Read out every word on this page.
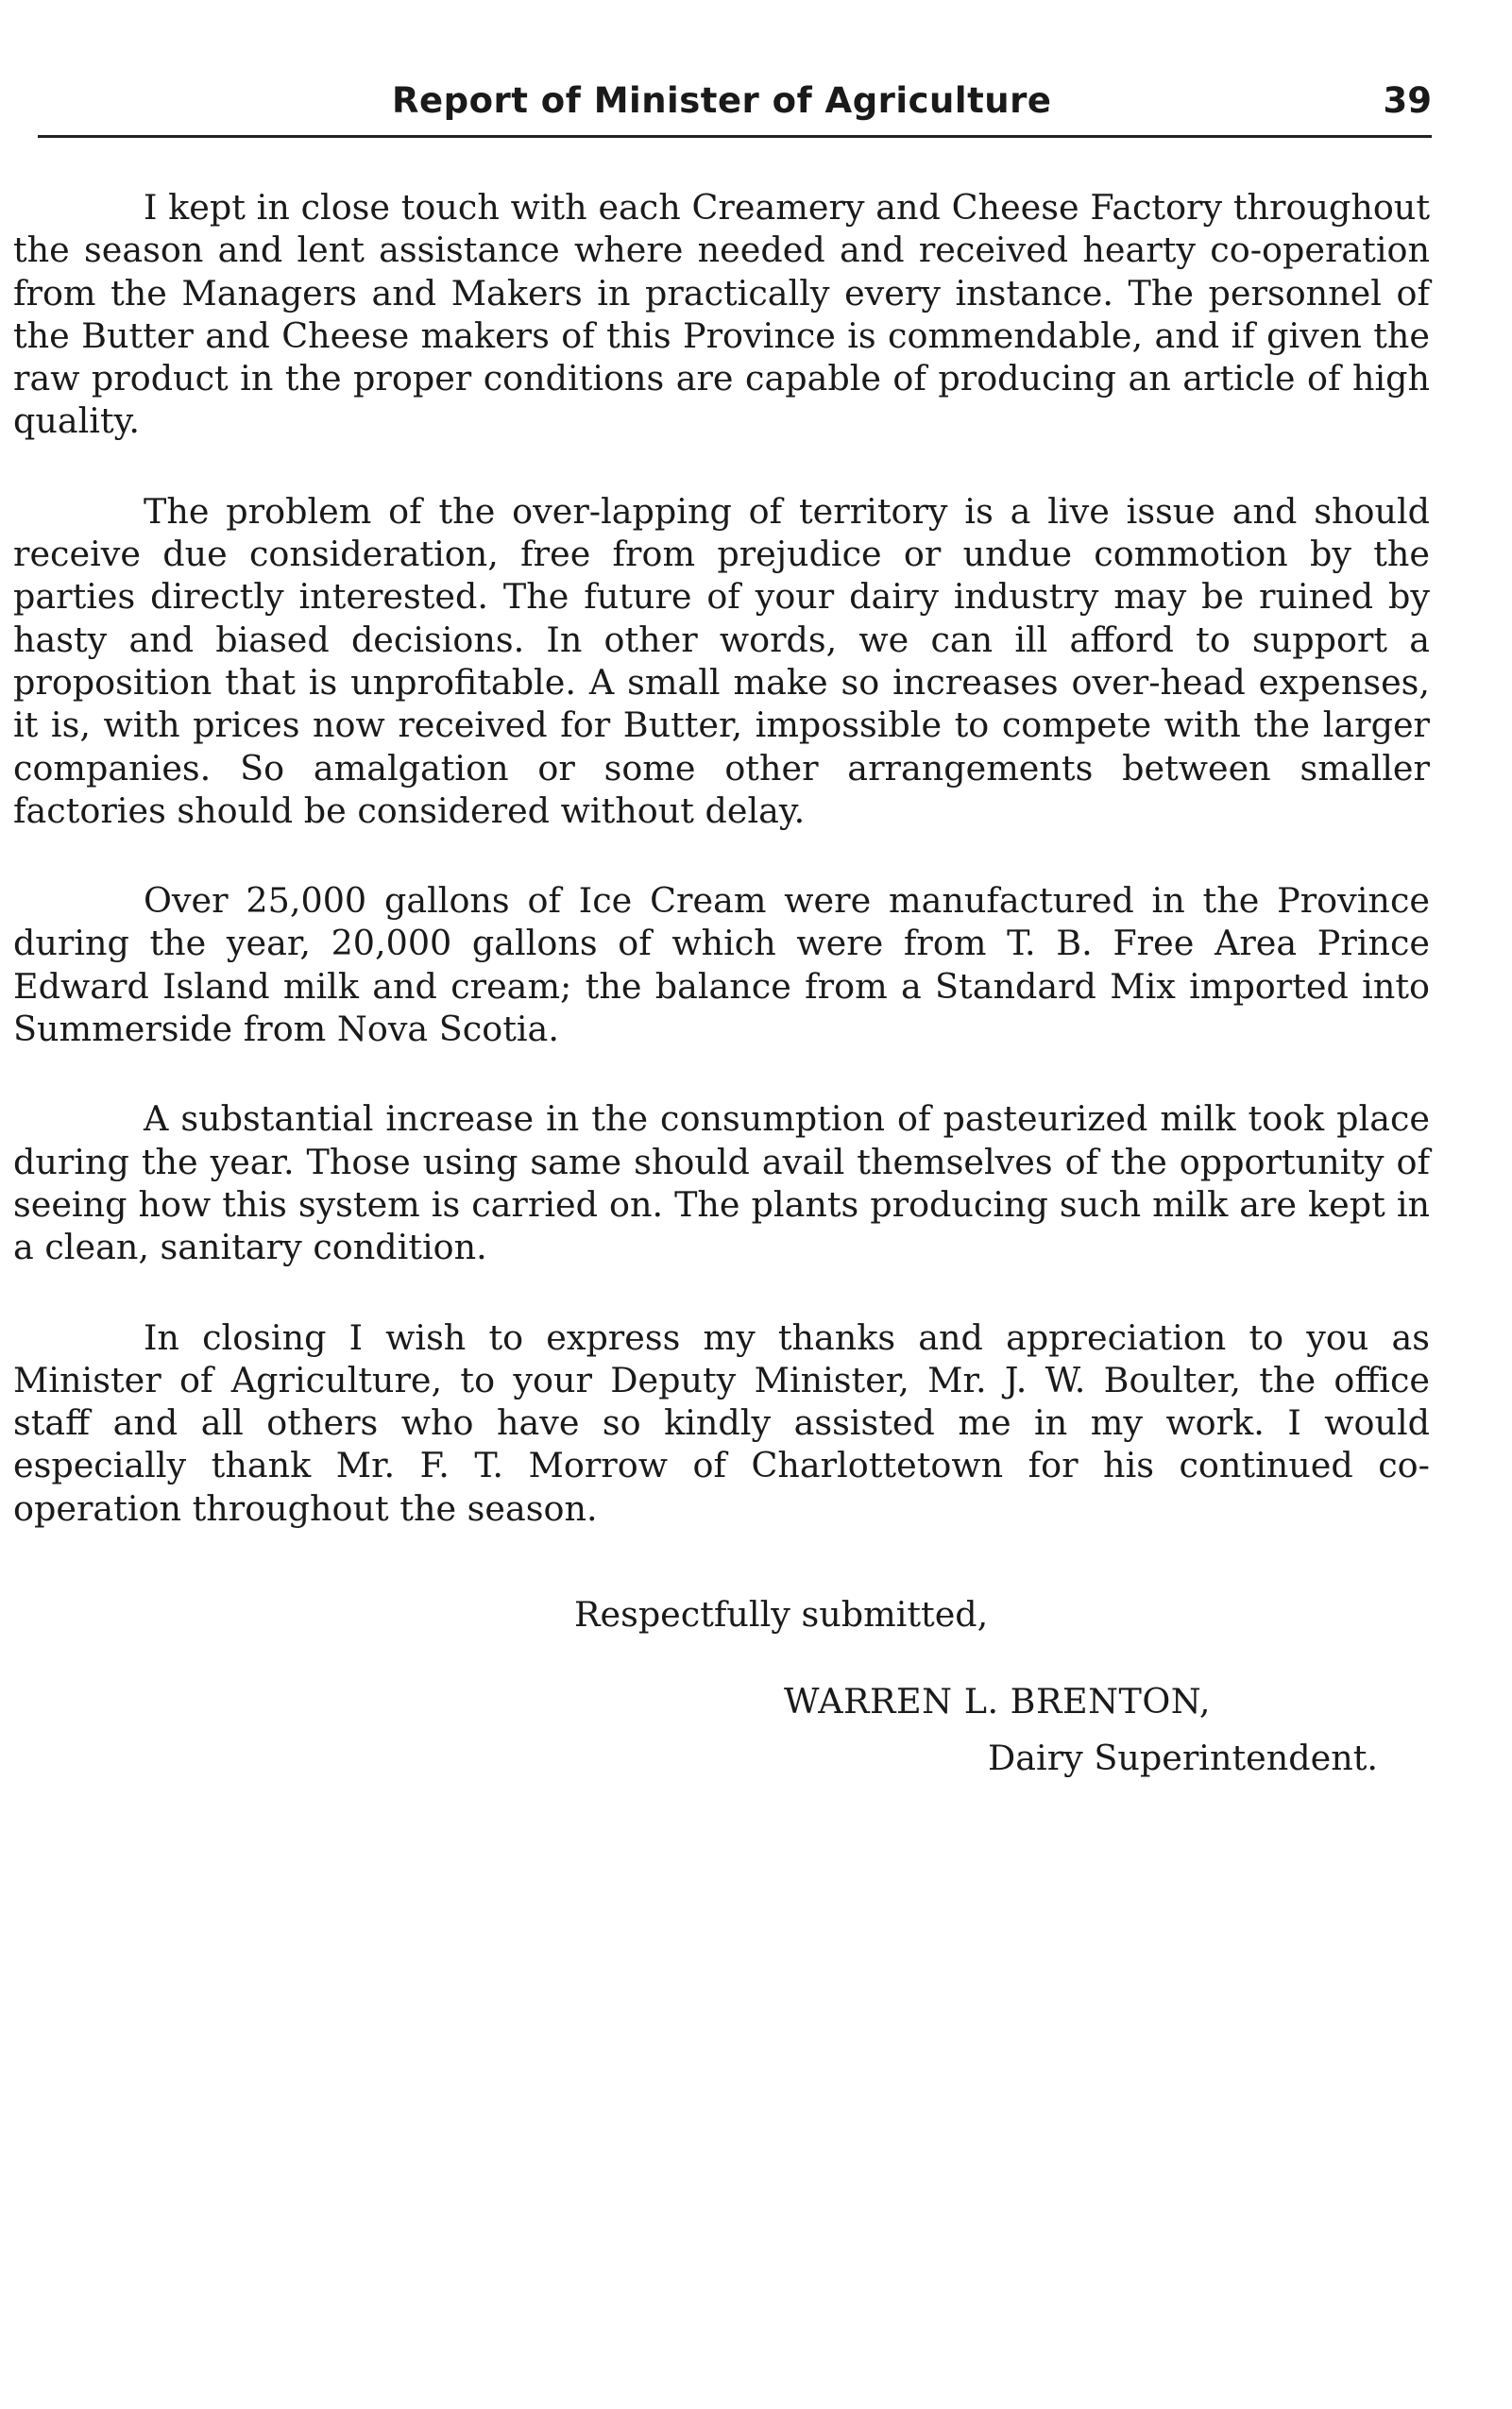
Report of Minister of Agriculture	39

I kept in close touch with each Creamery and Cheese Factory throughout the season and lent assistance where needed and received hearty co-operation from the Managers and Makers in practically every instance. The personnel of the Butter and Cheese makers of this Province is commendable, and if given the raw product in the proper conditions are capable of producing an article of high quality.

The problem of the over-lapping of territory is a live issue and should receive due consideration, free from prejudice or undue commotion by the parties directly interested. The future of your dairy industry may be ruined by hasty and biased decisions. In other words, we can ill afford to support a proposition that is unprofitable. A small make so increases over-head expenses, it is, with prices now received for Butter, impossible to compete with the larger companies. So amalgation or some other arrangements between smaller factories should be considered without delay.

Over 25,000 gallons of Ice Cream were manufactured in the Province during the year, 20,000 gallons of which were from T. B. Free Area Prince Edward Island milk and cream; the balance from a Standard Mix imported into Summerside from Nova Scotia.

A substantial increase in the consumption of pasteurized milk took place during the year. Those using same should avail themselves of the opportunity of seeing how this system is carried on. The plants producing such milk are kept in a clean, sanitary condition.

In closing I wish to express my thanks and appreciation to you as Minister of Agriculture, to your Deputy Minister, Mr. J. W. Boulter, the office staff and all others who have so kindly assisted me in my work. I would especially thank Mr. F. T. Morrow of Charlottetown for his continued co-operation throughout the season.

Respectfully submitted,
WARREN L. BRENTON,
Dairy Superintendent.
